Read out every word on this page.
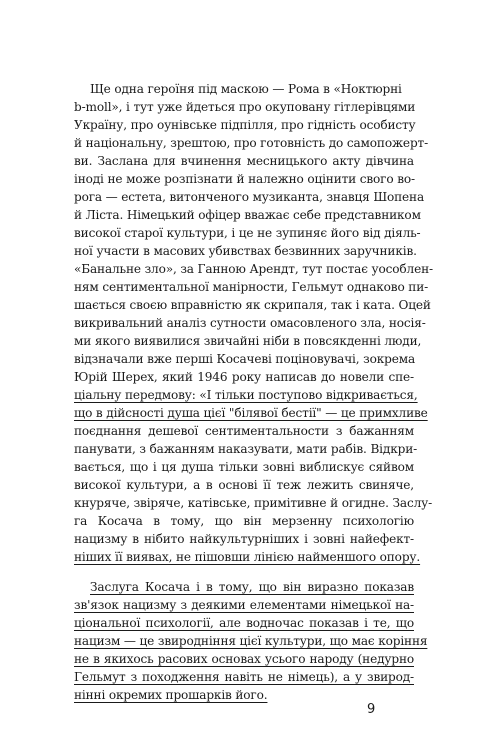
Ще одна героїня під маскою — Рома в «Ноктюрні
b-moll», і тут уже йдеться про окуповану гітлерівцями
Україну, про оунівське підпілля, про гідність особисту
й національну, зрештою, про готовність до самопожерт-
ви. Заслана для вчинення месницького акту дівчина
іноді не може розпізнати й належно оцінити свого во-
рога — естета, витонченого музиканта, знавця Шопена
й Ліста. Німецький офіцер вважає себе представником
високої старої культури, і це не зупиняє його від діяль-
ної участи в масових убивствах безвинних заручників.
«Банальне зло», за Ганною Арендт, тут постає уособлен-
ням сентиментальної манірности, Гельмут однаково пи-
шається своєю вправністю як скрипаля, так і ката. Оцей
викривальний аналіз сутности омасовленого зла, носія-
ми якого виявилися звичайні ніби в повсякденні люди,
відзначали вже перші Косачеві поціновувачі, зокрема
Юрій Шерех, який 1946 року написав до новели спе-
ціальну передмову: «І тільки поступово відкривається,
що в дійсності душа цієї "білявої бестії" — це примхливе
поєднання дешевої сентиментальности з бажанням
панувати, з бажанням наказувати, мати рабів. Відкри-
вається, що і ця душа тільки зовні виблискує сяйвом
високої культури, а в основі її теж лежить свиняче,
кнуряче, звіряче, катівське, примітивне й огидне. Заслу-
га Косача в тому, що він мерзенну психологію
нацизму в нібито найкультурніших і зовні найефект-
ніших її виявах, не пішовши лінією найменшого опору.
Заслуга Косача і в тому, що він виразно показав
зв'язок нацизму з деякими елементами німецької на-
ціональної психології, але водночас показав і те, що
нацизм — це звиродніння цієї культури, що має коріння
не в якихось расових основах усього народу (недурно
Гельмут з походження навіть не німець), а у звирод-
нінні окремих прошарків його.
9
